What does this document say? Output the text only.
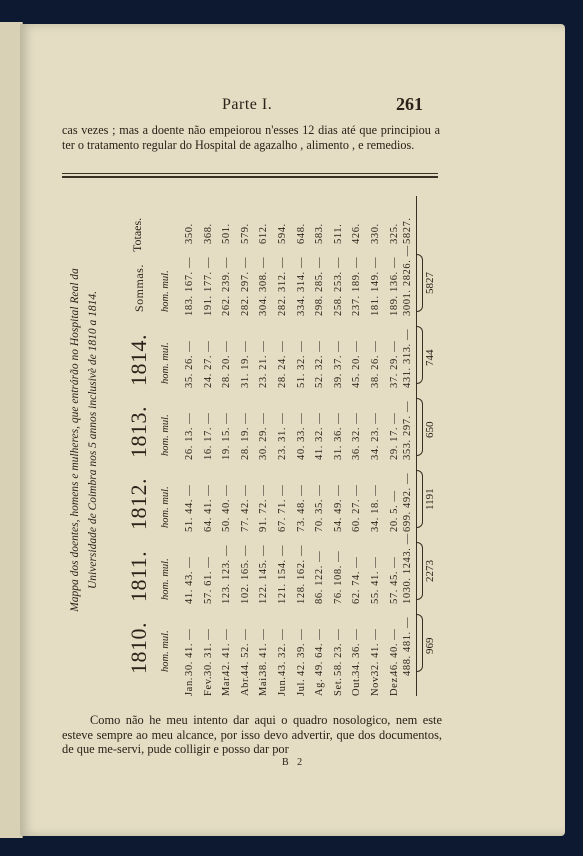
Parte I.	261

cas vezes ; mas a doente não empeiorou n'esses 12 dias até que principiou a ter o tratamento regular do Hospital de agazalho , alimento , e remedios.

Mappa dos doentes, homens e mulheres, que entrárão no Hospital Real da Universidade de Coimbra nos 5 annos inclusivè de 1810 a 1814.
1810.
1811.
1812.
1813.
1814.
Sommas.
Totaes.
hom. mul.
hom. mul.
hom. mul.
hom. mul.
hom. mul.
hom. mul.
Jan.
30. 41. —
41. 43. —
51. 44. —
26. 13. —
35. 26. —
183. 167. —
350.
Fev.
30. 31. —
57. 61. —
64. 41. —
16. 17. —
24. 27. —
191. 177. —
368.
Mar.
42. 41. —
123. 123. —
50. 40. —
19. 15. —
28. 20. —
262. 239. —
501.
Abr.
44. 52. —
102. 165. —
77. 42. —
28. 19. —
31. 19. —
282. 297. —
579.
Mai.
38. 41. —
122. 145. —
91. 72. —
30. 29. —
23. 21. —
304. 308. —
612.
Jun.
43. 32. —
121. 154. —
67. 71. —
23. 31. —
28. 24. —
282. 312. —
594.
Jul.
42. 39. —
128. 162. —
73. 48. —
40. 33. —
51. 32. —
334. 314. —
648.
Ag.
49. 64. —
86. 122. —
70. 35. —
41. 32. —
52. 32. —
298. 285. —
583.
Set.
58. 23. —
76. 108. —
54. 49. —
31. 36. —
39. 37. —
258. 253. —
511.
Out.
34. 36. —
62. 74. —
60. 27. —
36. 32. —
45. 20. —
237. 189. —
426.
Nov.
32. 41. —
55. 41. —
34. 18. —
34. 23. —
38. 26. —
181. 149. —
330.
Dez.
46. 40. —
57. 45. —
20. 5. —
29. 17. —
37. 29. —
189. 136. —
325.
488. 481. —
1030. 1243. —
699. 492. —
353. 297. —
431. 313. —
3001. 2826. —
5827.
969
2273
1191
650
744
5827

Como não he meu intento dar aqui o quadro nosologico, nem este esteve sempre ao meu alcance, por isso devo advertir, que dos documentos, de que me-servi, pude colligir e posso dar por

B 2
